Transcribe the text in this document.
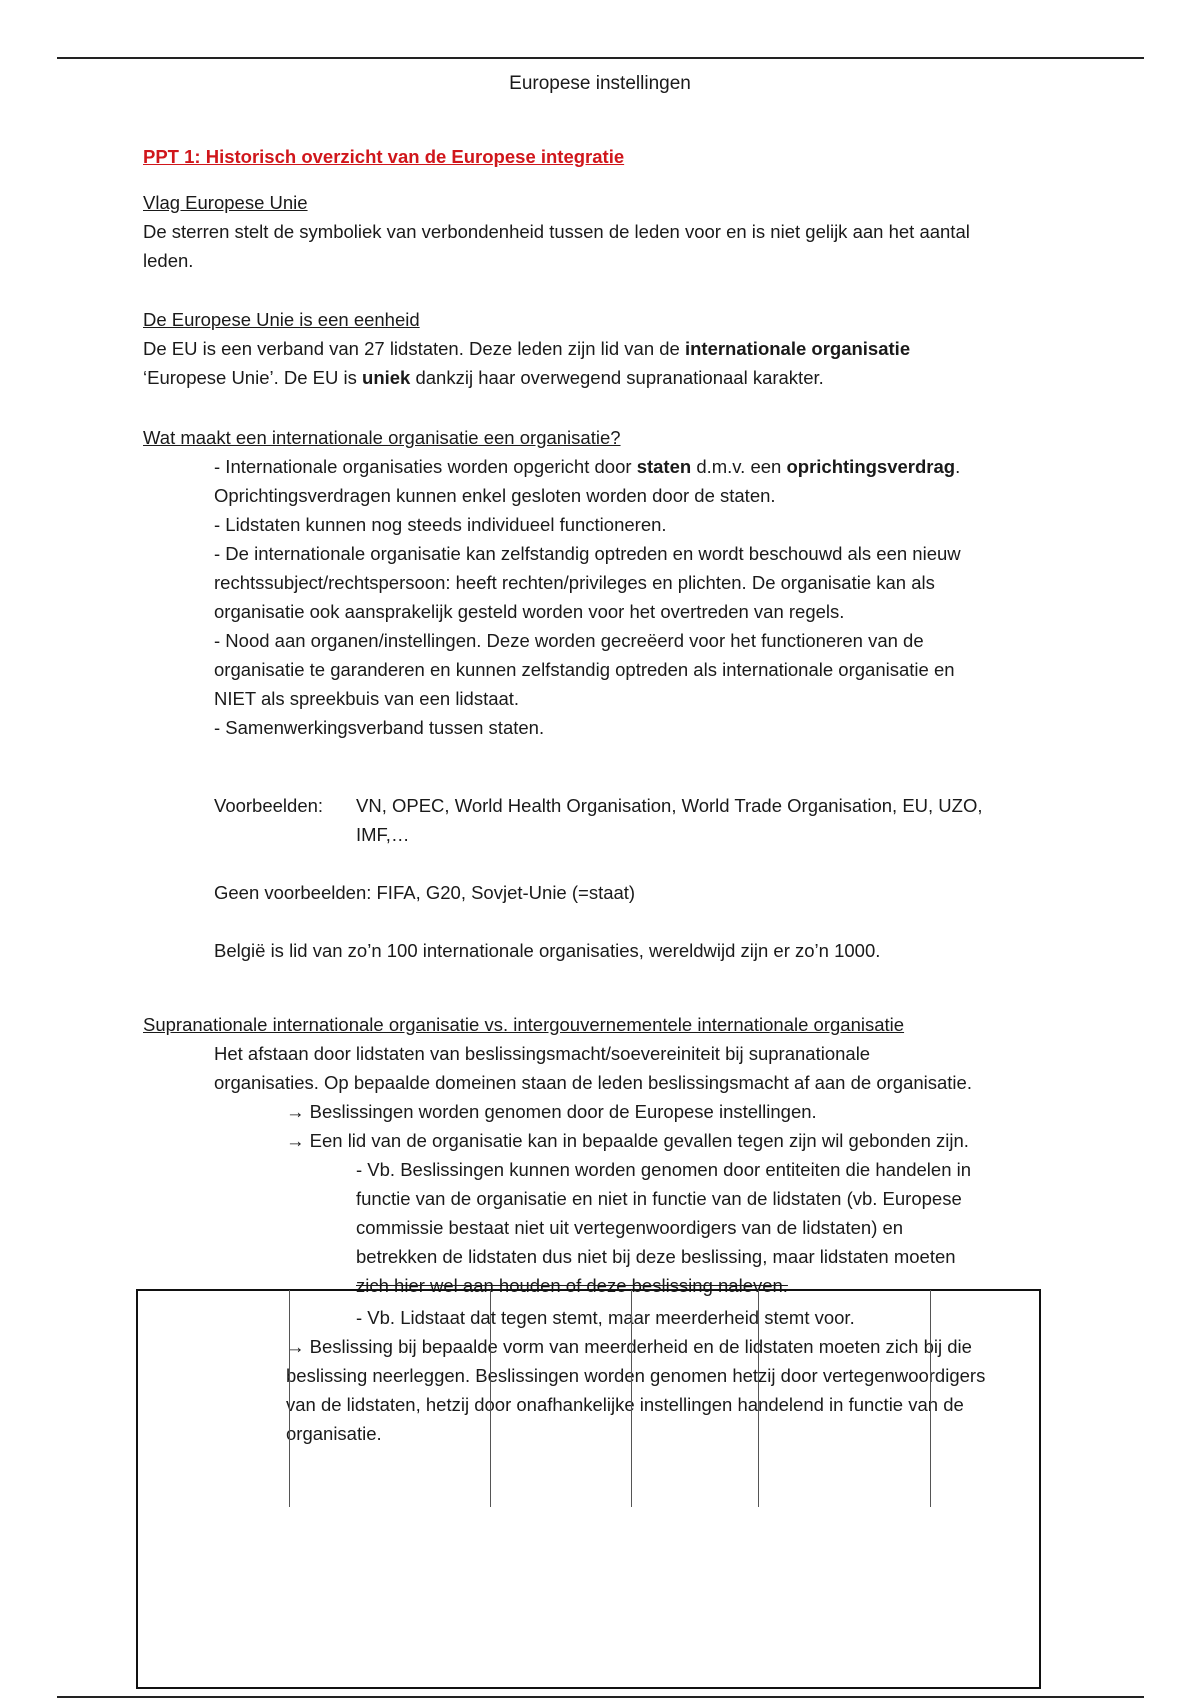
Europese instellingen
PPT 1: Historisch overzicht van de Europese integratie
Vlag Europese Unie
De sterren stelt de symboliek van verbondenheid tussen de leden voor en is niet gelijk aan het aantal
leden.
De Europese Unie is een eenheid
De EU is een verband van 27 lidstaten. Deze leden zijn lid van de internationale organisatie
‘Europese Unie’. De EU is uniek dankzij haar overwegend supranationaal karakter.
Wat maakt een internationale organisatie een organisatie?
- Internationale organisaties worden opgericht door staten d.m.v. een oprichtingsverdrag.
Oprichtingsverdragen kunnen enkel gesloten worden door de staten.
- Lidstaten kunnen nog steeds individueel functioneren.
- De internationale organisatie kan zelfstandig optreden en wordt beschouwd als een nieuw
rechtssubject/rechtspersoon: heeft rechten/privileges en plichten. De organisatie kan als
organisatie ook aansprakelijk gesteld worden voor het overtreden van regels.
- Nood aan organen/instellingen. Deze worden gecreëerd voor het functioneren van de
organisatie te garanderen en kunnen zelfstandig optreden als internationale organisatie en
NIET als spreekbuis van een lidstaat.
- Samenwerkingsverband tussen staten.
Voorbeelden: VN, OPEC, World Health Organisation, World Trade Organisation, EU, UZO,
IMF,…
Geen voorbeelden: FIFA, G20, Sovjet-Unie (=staat)
België is lid van zo’n 100 internationale organisaties, wereldwijd zijn er zo’n 1000.
Supranationale internationale organisatie vs. intergouvernementele internationale organisatie
Het afstaan door lidstaten van beslissingsmacht/soevereiniteit bij supranationale
organisaties. Op bepaalde domeinen staan de leden beslissingsmacht af aan de organisatie.
→ Beslissingen worden genomen door de Europese instellingen.
→ Een lid van de organisatie kan in bepaalde gevallen tegen zijn wil gebonden zijn.
- Vb. Beslissingen kunnen worden genomen door entiteiten die handelen in
functie van de organisatie en niet in functie van de lidstaten (vb. Europese
commissie bestaat niet uit vertegenwoordigers van de lidstaten) en
betrekken de lidstaten dus niet bij deze beslissing, maar lidstaten moeten
zich hier wel aan houden of deze beslissing naleven.
- Vb. Lidstaat dat tegen stemt, maar meerderheid stemt voor.
→ Beslissing bij bepaalde vorm van meerderheid en de lidstaten moeten zich bij die
beslissing neerleggen. Beslissingen worden genomen hetzij door vertegenwoordigers
van de lidstaten, hetzij door onafhankelijke instellingen handelend in functie van de
organisatie.
